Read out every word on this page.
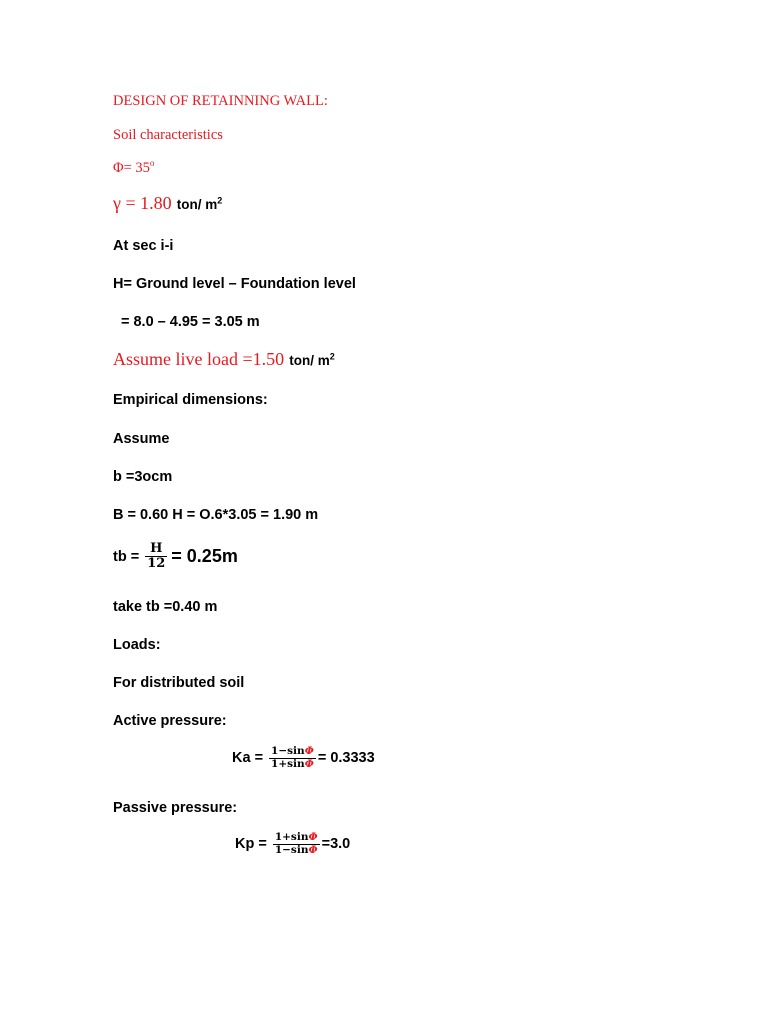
DESIGN OF RETAINNING WALL:
Soil characteristics
$\Phi= 35^o$
γ = 1.80 ton/ $m^2$
At sec i-i
H= Ground level – Foundation level
= 8.0 – 4.95 = 3.05 m
Assume live load =1.50 ton/ $m^2$
Empirical dimensions:
Assume
b =3ocm
B = 0.60 H = O.6*3.05 = 1.90 m
tb = $\frac{H}{12} = 0.25m$
take tb =0.40 m
Loads:
For distributed soil
Active pressure:
$Ka = \frac{1-\sin\Phi}{1+\sin\Phi} = 0.3333$
Passive pressure:
$Kp = \frac{1+\sin\Phi}{1-\sin\Phi} =3.0$
